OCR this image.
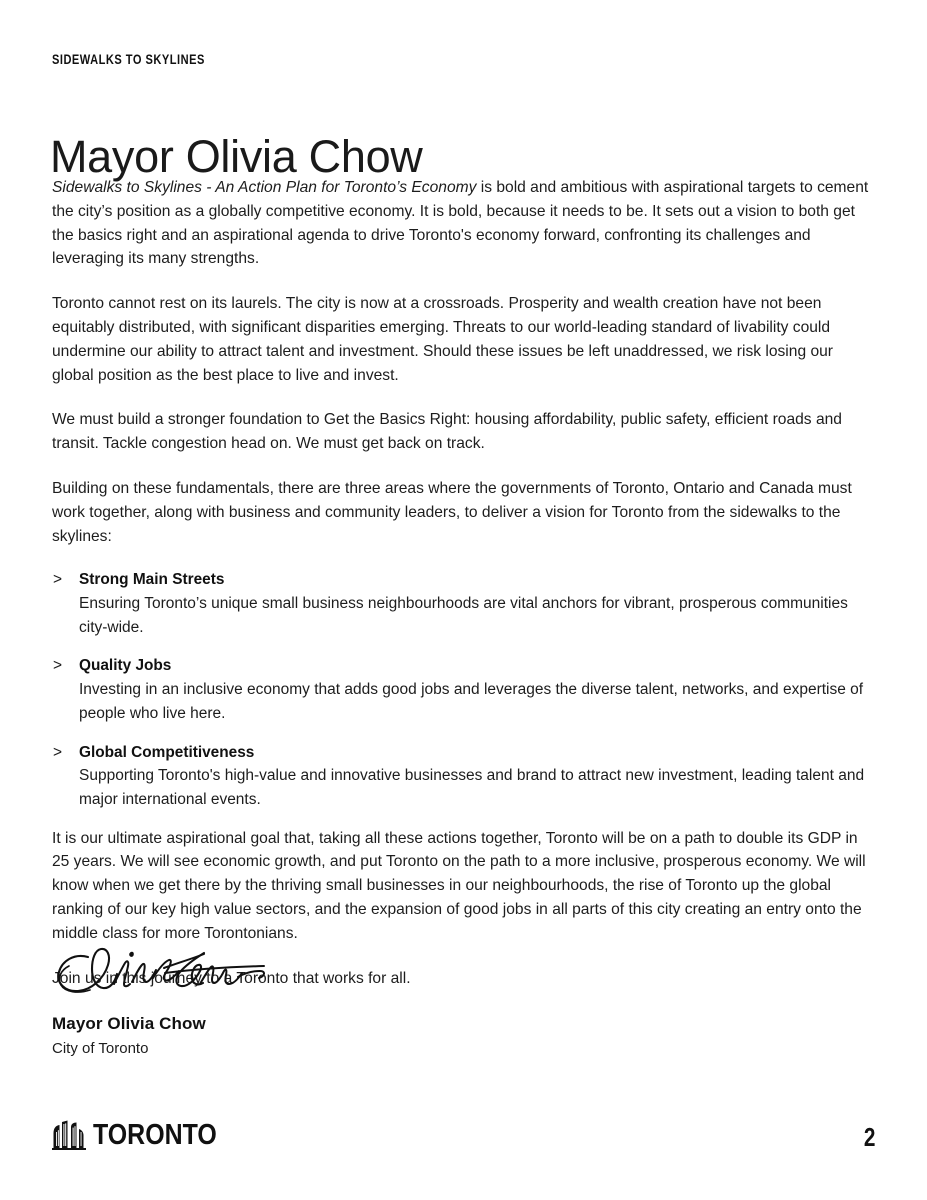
SIDEWALKS TO SKYLINES
Mayor Olivia Chow

Sidewalks to Skylines - An Action Plan for Toronto’s Economy is bold and ambitious with aspirational targets to cement the city’s position as a globally competitive economy. It is bold, because it needs to be. It sets out a vision to both get the basics right and an aspirational agenda to drive Toronto's economy forward, confronting its challenges and leveraging its many strengths.

Toronto cannot rest on its laurels. The city is now at a crossroads. Prosperity and wealth creation have not been equitably distributed, with significant disparities emerging. Threats to our world-leading standard of livability could undermine our ability to attract talent and investment. Should these issues be left unaddressed, we risk losing our global position as the best place to live and invest.

We must build a stronger foundation to Get the Basics Right: housing affordability, public safety, efficient roads and transit. Tackle congestion head on. We must get back on track.

Building on these fundamentals, there are three areas where the governments of Toronto, Ontario and Canada must work together, along with business and community leaders, to deliver a vision for Toronto from the sidewalks to the skylines:

> Strong Main Streets
Ensuring Toronto’s unique small business neighbourhoods are vital anchors for vibrant, prosperous communities city-wide.
> Quality Jobs
Investing in an inclusive economy that adds good jobs and leverages the diverse talent, networks, and expertise of people who live here.
> Global Competitiveness
Supporting Toronto's high-value and innovative businesses and brand to attract new investment, leading talent and major international events.

It is our ultimate aspirational goal that, taking all these actions together, Toronto will be on a path to double its GDP in 25 years. We will see economic growth, and put Toronto on the path to a more inclusive, prosperous economy. We will know when we get there by the thriving small businesses in our neighbourhoods, the rise of Toronto up the global ranking of our key high value sectors, and the expansion of good jobs in all parts of this city creating an entry onto the middle class for more Torontonians.

Join us in this journey to a Toronto that works for all.

Mayor Olivia Chow
City of Toronto
TORONTO	2
